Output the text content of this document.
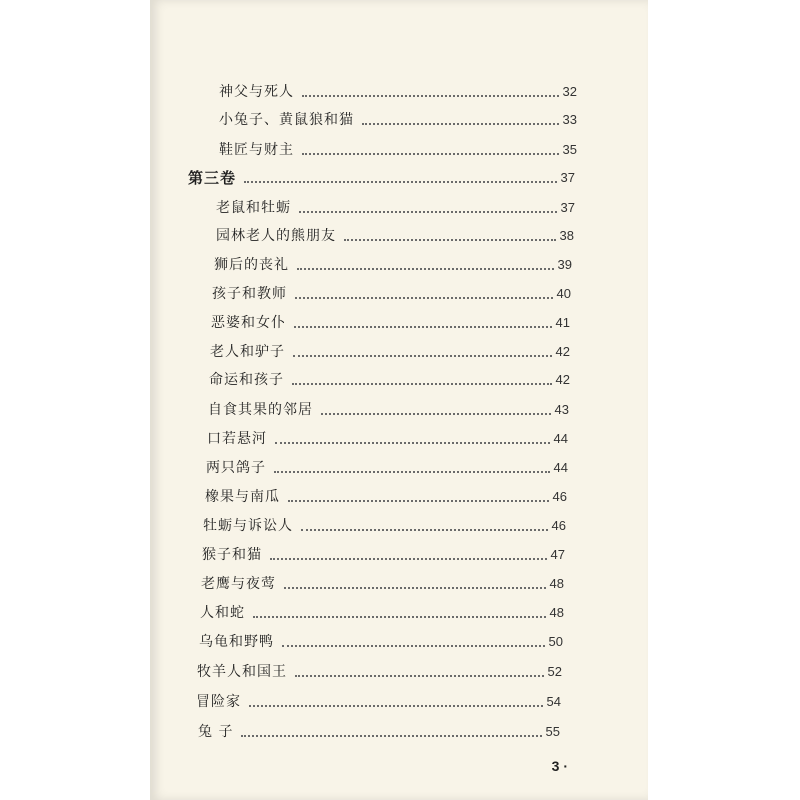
神父与死人	32
小兔子、黄鼠狼和猫	33
鞋匠与财主	35
第三卷	37
老鼠和牡蛎	37
园林老人的熊朋友	38
狮后的丧礼	39
孩子和教师	40
恶婆和女仆	41
老人和驴子	42
命运和孩子	42
自食其果的邻居	43
口若悬河	44
两只鸽子	44
橡果与南瓜	46
牡蛎与诉讼人	46
猴子和猫	47
老鹰与夜莺	48
人和蛇	48
乌龟和野鸭	50
牧羊人和国王	52
冒险家	54
兔 子	55
3 ·
